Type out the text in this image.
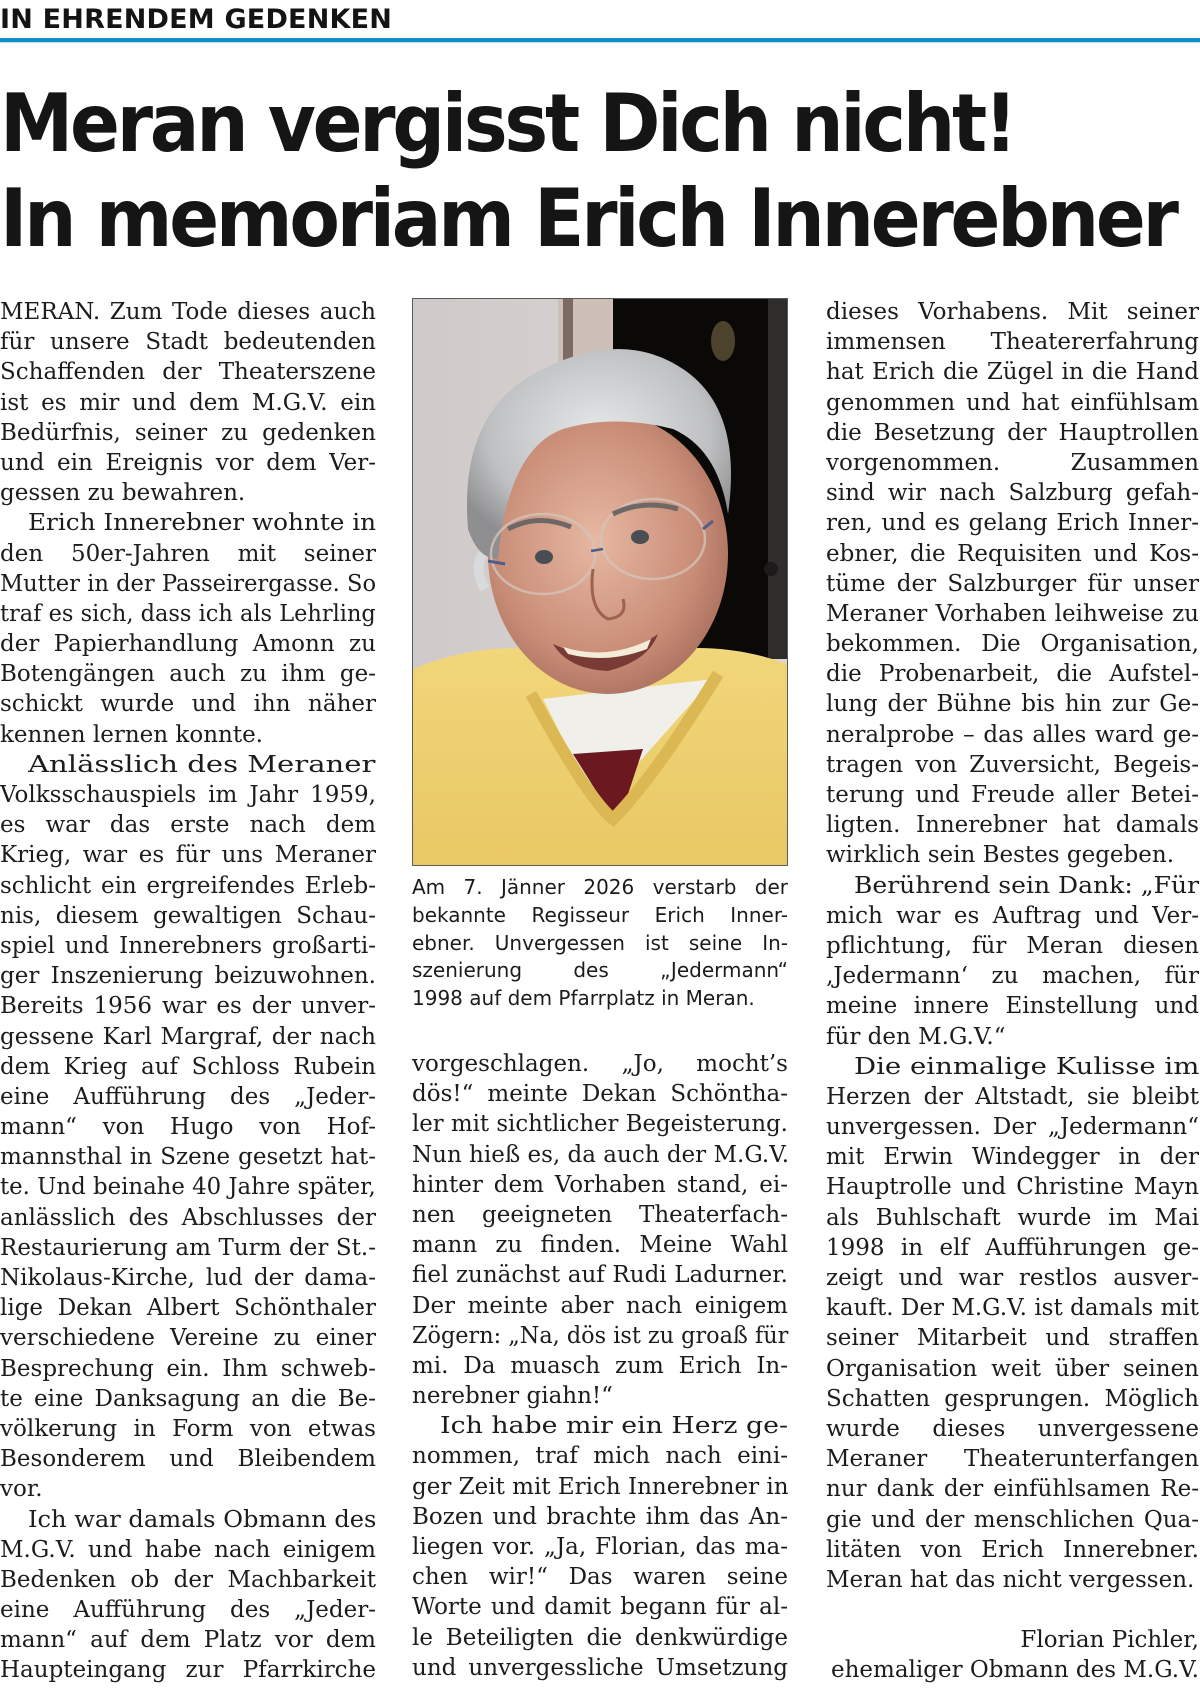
IN EHRENDEM GEDENKEN
Meran vergisst Dich nicht!
In memoriam Erich Innerebner
MERAN. Zum Tode dieses auch
für unsere Stadt bedeutenden
Schaffenden der Theaterszene
ist es mir und dem M.G.V. ein
Bedürfnis, seiner zu gedenken
und ein Ereignis vor dem Ver-
gessen zu bewahren.
Erich Innerebner wohnte in
den 50er-Jahren mit seiner
Mutter in der Passeirergasse. So
traf es sich, dass ich als Lehrling
der Papierhandlung Amonn zu
Botengängen auch zu ihm ge-
schickt wurde und ihn näher
kennen lernen konnte.
Anlässlich des Meraner
Volksschauspiels im Jahr 1959,
es war das erste nach dem
Krieg, war es für uns Meraner
schlicht ein ergreifendes Erleb-
nis, diesem gewaltigen Schau-
spiel und Innerebners großarti-
ger Inszenierung beizuwohnen.
Bereits 1956 war es der unver-
gessene Karl Margraf, der nach
dem Krieg auf Schloss Rubein
eine Aufführung des „Jeder-
mann“ von Hugo von Hof-
mannsthal in Szene gesetzt hat-
te. Und beinahe 40 Jahre später,
anlässlich des Abschlusses der
Restaurierung am Turm der St.-
Nikolaus-Kirche, lud der dama-
lige Dekan Albert Schönthaler
verschiedene Vereine zu einer
Besprechung ein. Ihm schweb-
te eine Danksagung an die Be-
völkerung in Form von etwas
Besonderem und Bleibendem
vor.
Ich war damals Obmann des
M.G.V. und habe nach einigem
Bedenken ob der Machbarkeit
eine Aufführung des „Jeder-
mann“ auf dem Platz vor dem
Haupteingang zur Pfarrkirche
Am 7. Jänner 2026 verstarb der
bekannte Regisseur Erich Inner-
ebner. Unvergessen ist seine In-
szenierung des „Jedermann“
1998 auf dem Pfarrplatz in Meran.
vorgeschlagen. „Jo, mocht’s
dös!“ meinte Dekan Schöntha-
ler mit sichtlicher Begeisterung.
Nun hieß es, da auch der M.G.V.
hinter dem Vorhaben stand, ei-
nen geeigneten Theaterfach-
mann zu finden. Meine Wahl
fiel zunächst auf Rudi Ladurner.
Der meinte aber nach einigem
Zögern: „Na, dös ist zu groaß für
mi. Da muasch zum Erich In-
nerebner giahn!“
Ich habe mir ein Herz ge-
nommen, traf mich nach eini-
ger Zeit mit Erich Innerebner in
Bozen und brachte ihm das An-
liegen vor. „Ja, Florian, das ma-
chen wir!“ Das waren seine
Worte und damit begann für al-
le Beteiligten die denkwürdige
und unvergessliche Umsetzung
dieses Vorhabens. Mit seiner
immensen Theatererfahrung
hat Erich die Zügel in die Hand
genommen und hat einfühlsam
die Besetzung der Hauptrollen
vorgenommen. Zusammen
sind wir nach Salzburg gefah-
ren, und es gelang Erich Inner-
ebner, die Requisiten und Kos-
tüme der Salzburger für unser
Meraner Vorhaben leihweise zu
bekommen. Die Organisation,
die Probenarbeit, die Aufstel-
lung der Bühne bis hin zur Ge-
neralprobe – das alles ward ge-
tragen von Zuversicht, Begeis-
terung und Freude aller Betei-
ligten. Innerebner hat damals
wirklich sein Bestes gegeben.
Berührend sein Dank: „Für
mich war es Auftrag und Ver-
pflichtung, für Meran diesen
‚Jedermann‘ zu machen, für
meine innere Einstellung und
für den M.G.V.“
Die einmalige Kulisse im
Herzen der Altstadt, sie bleibt
unvergessen. Der „Jedermann“
mit Erwin Windegger in der
Hauptrolle und Christine Mayn
als Buhlschaft wurde im Mai
1998 in elf Aufführungen ge-
zeigt und war restlos ausver-
kauft. Der M.G.V. ist damals mit
seiner Mitarbeit und straffen
Organisation weit über seinen
Schatten gesprungen. Möglich
wurde dieses unvergessene
Meraner Theaterunterfangen
nur dank der einfühlsamen Re-
gie und der menschlichen Qua-
litäten von Erich Innerebner.
Meran hat das nicht vergessen.
Florian Pichler,
ehemaliger Obmann des M.G.V.
